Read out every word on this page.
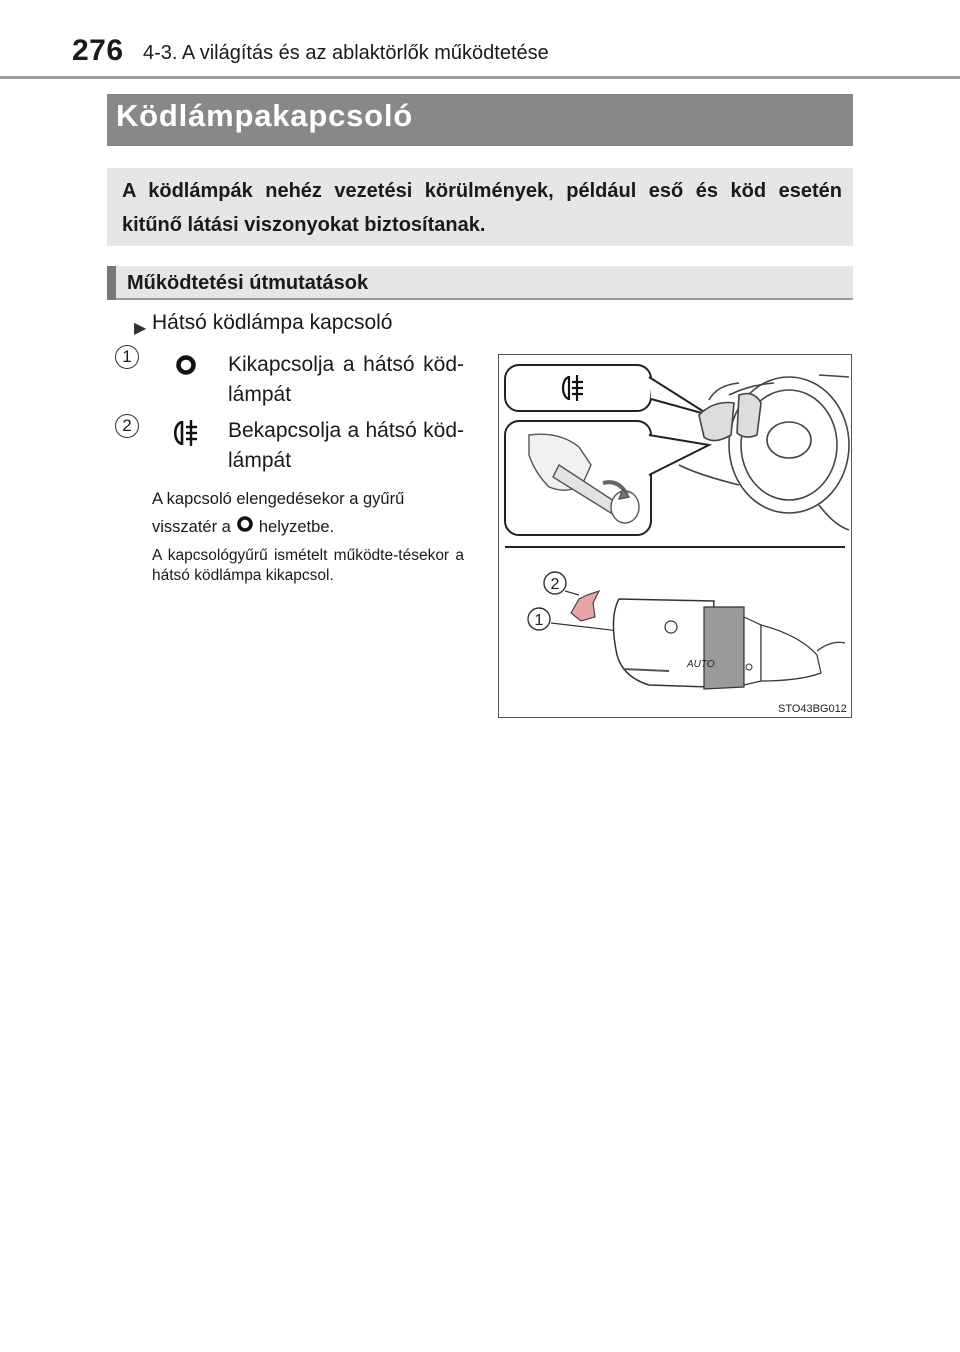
276 4-3. A világítás és az ablaktörlők működtetése
Ködlámpakapcsoló
A ködlámpák nehéz vezetési körülmények, például eső és köd esetén kitűnő látási viszonyokat biztosítanak.
Működtetési útmutatások
▶ Hátsó ködlámpa kapcsoló
1	Kikapcsolja a hátsó köd-lámpát
2	Bekapcsolja a hátsó köd-lámpát
A kapcsoló elengedésekor a gyűrű
visszatér a helyzetbe.
A kapcsológyűrű ismételt működte-tésekor a hátsó ködlámpa kikapcsol.
2
1
AUTO
STO43BG012
